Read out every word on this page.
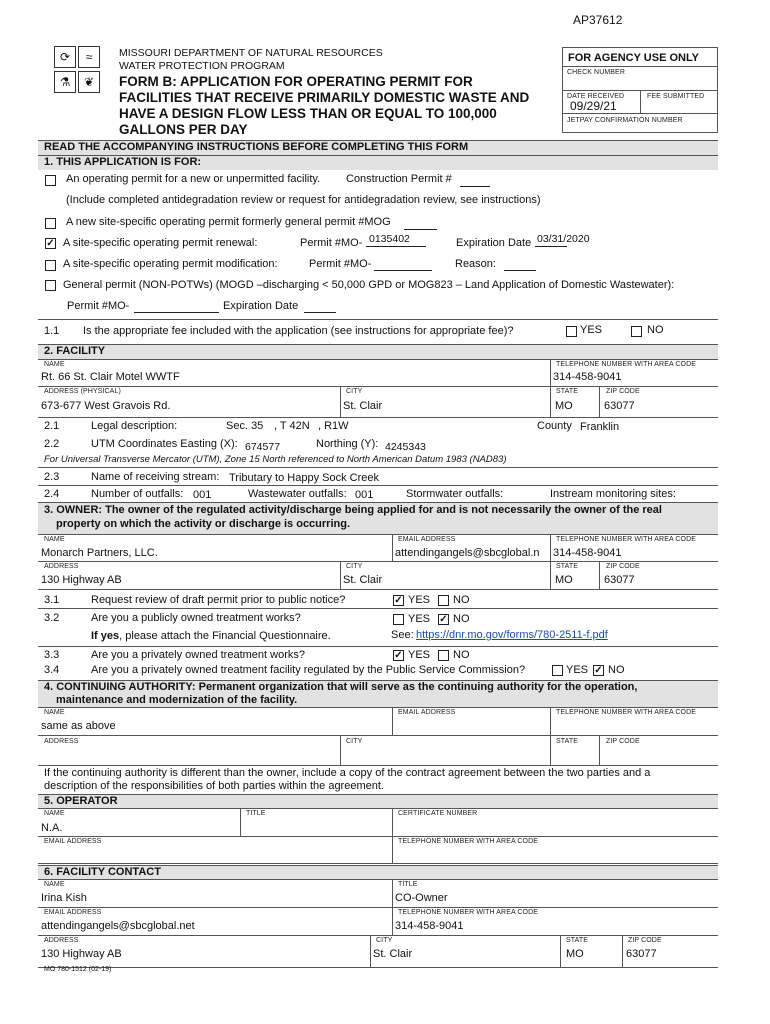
AP37612
⟳	≈
⚗	❦
MISSOURI DEPARTMENT OF NATURAL RESOURCES
WATER PROTECTION PROGRAM
FORM B: APPLICATION FOR OPERATING PERMIT FOR
FACILITIES THAT RECEIVE PRIMARILY DOMESTIC WASTE AND
HAVE A DESIGN FLOW LESS THAN OR EQUAL TO 100,000
GALLONS PER DAY
FOR AGENCY USE ONLY
CHECK NUMBER
DATE RECEIVED
09/29/21
FEE SUBMITTED
JETPAY CONFIRMATION NUMBER
READ THE ACCOMPANYING INSTRUCTIONS BEFORE COMPLETING THIS FORM
1. THIS APPLICATION IS FOR:
An operating permit for a new or unpermitted facility. Construction Permit #
(Include completed antidegradation review or request for antidegradation review, see instructions)
A new site-specific operating permit formerly general permit #MOG
✓ A site-specific operating permit renewal:	Permit #MO- 0135402	Expiration Date 03/31/2020
A site-specific operating permit modification:	Permit #MO-	Reason:
General permit (NON-POTWs) (MOGD –discharging < 50,000 GPD or MOG823 – Land Application of Domestic Wastewater):
Permit #MO-	Expiration Date
1.1 Is the appropriate fee included with the application (see instructions for appropriate fee)?	YES	NO
2. FACILITY
NAME
Rt. 66 St. Clair Motel WWTF
TELEPHONE NUMBER WITH AREA CODE
314-458-9041
ADDRESS (PHYSICAL)
673-677 West Gravois Rd.
CITY
St. Clair
STATE
MO
ZIP CODE
63077
2.1	Legal description:	Sec. 35 , T 42N , R1W	County Franklin
2.2	UTM Coordinates Easting (X): 674577	Northing (Y): 4245343
For Universal Transverse Mercator (UTM), Zone 15 North referenced to North American Datum 1983 (NAD83)
2.3	Name of receiving stream: Tributary to Happy Sock Creek
2.4	Number of outfalls: 001	Wastewater outfalls: 001	Stormwater outfalls:	Instream monitoring sites:
3. OWNER: The owner of the regulated activity/discharge being applied for and is not necessarily the owner of the real
property on which the activity or discharge is occurring.
NAME
Monarch Partners, LLC.
EMAIL ADDRESS
attendingangels@sbcglobal.n
TELEPHONE NUMBER WITH AREA CODE
314-458-9041
ADDRESS
130 Highway AB
CITY
St. Clair
STATE
MO
ZIP CODE
63077
3.1	Request review of draft permit prior to public notice?	✓ YES NO
3.2	Are you a publicly owned treatment works?	YES ✓ NO
If yes, please attach the Financial Questionnaire.	See: https://dnr.mo.gov/forms/780-2511-f.pdf
3.3	Are you a privately owned treatment works?	✓ YES NO
3.4	Are you a privately owned treatment facility regulated by the Public Service Commission?	YES ✓ NO
4. CONTINUING AUTHORITY: Permanent organization that will serve as the continuing authority for the operation,
maintenance and modernization of the facility.
NAME
same as above
EMAIL ADDRESS	TELEPHONE NUMBER WITH AREA CODE
ADDRESS	CITY	STATE	ZIP CODE
If the continuing authority is different than the owner, include a copy of the contract agreement between the two parties and a
description of the responsibilities of both parties within the agreement.
5. OPERATOR
NAME
N.A.
TITLE	CERTIFICATE NUMBER
EMAIL ADDRESS	TELEPHONE NUMBER WITH AREA CODE
6. FACILITY CONTACT
NAME
Irina Kish
TITLE
CO-Owner
EMAIL ADDRESS
attendingangels@sbcglobal.net
TELEPHONE NUMBER WITH AREA CODE
314-458-9041
ADDRESS
130 Highway AB
CITY
St. Clair
STATE
MO
ZIP CODE
63077
MO 780-1512 (02-19)
